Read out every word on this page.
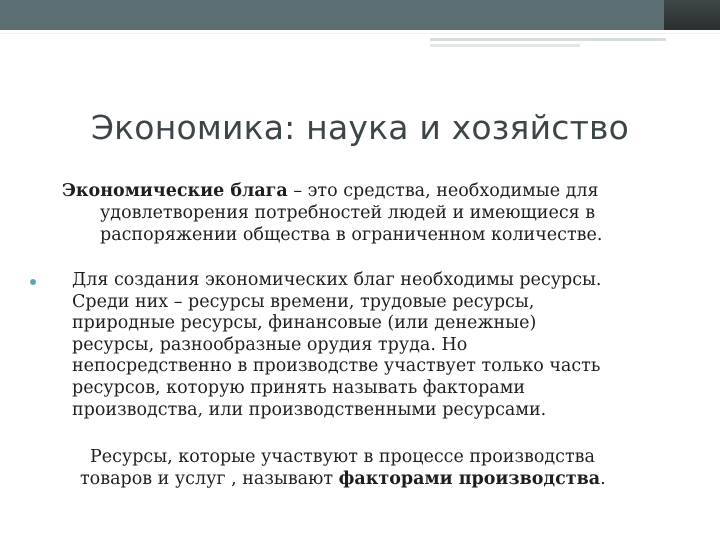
Экономика: наука и хозяйство
Экономические блага – это средства, необходимые для
удовлетворения потребностей людей и имеющиеся в
распоряжении общества в ограниченном количестве.
Для создания экономических благ необходимы ресурсы.
Среди них – ресурсы времени, трудовые ресурсы,
природные ресурсы, финансовые (или денежные)
ресурсы, разнообразные орудия труда. Но
непосредственно в производстве участвует только часть
ресурсов, которую принять называть факторами
производства, или производственными ресурсами.
Ресурсы, которые участвуют в процессе производства
товаров и услуг , называют факторами производства.
